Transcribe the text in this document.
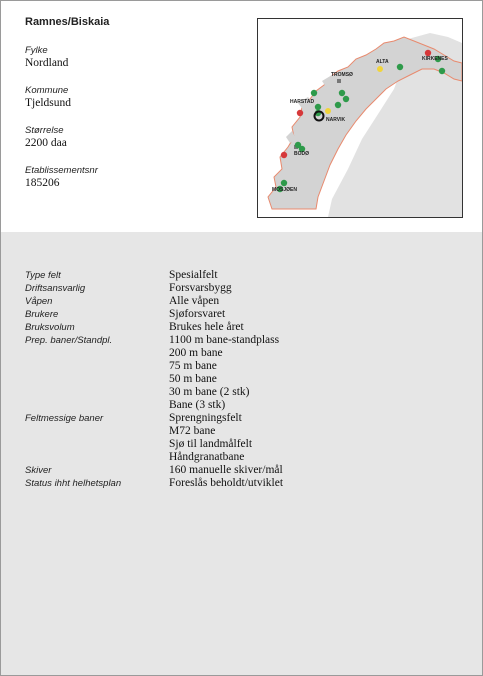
Ramnes/Biskaia
Fylke
Nordland
Kommune
Tjeldsund
Størrelse
2200 daa
Etablissementsnr
185206
KIRKENES
ALTA
TROMSØ
HARSTAD
NARVIK
BODØ
MOSJØEN
Type felt	Spesialfelt
Driftsansvarlig	Forsvarsbygg
Våpen	Alle våpen
Brukere	Sjøforsvaret
Bruksvolum	Brukes hele året
Prep. baner/Standpl.	1100 m bane-standplass
200 m bane
75 m bane
50 m bane
30 m bane (2 stk)
Bane (3 stk)
Feltmessige baner	Sprengningsfelt
M72 bane
Sjø til landmålfelt
Håndgranatbane
Skiver	160 manuelle skiver/mål
Status ihht helhetsplan	Foreslås beholdt/utviklet
